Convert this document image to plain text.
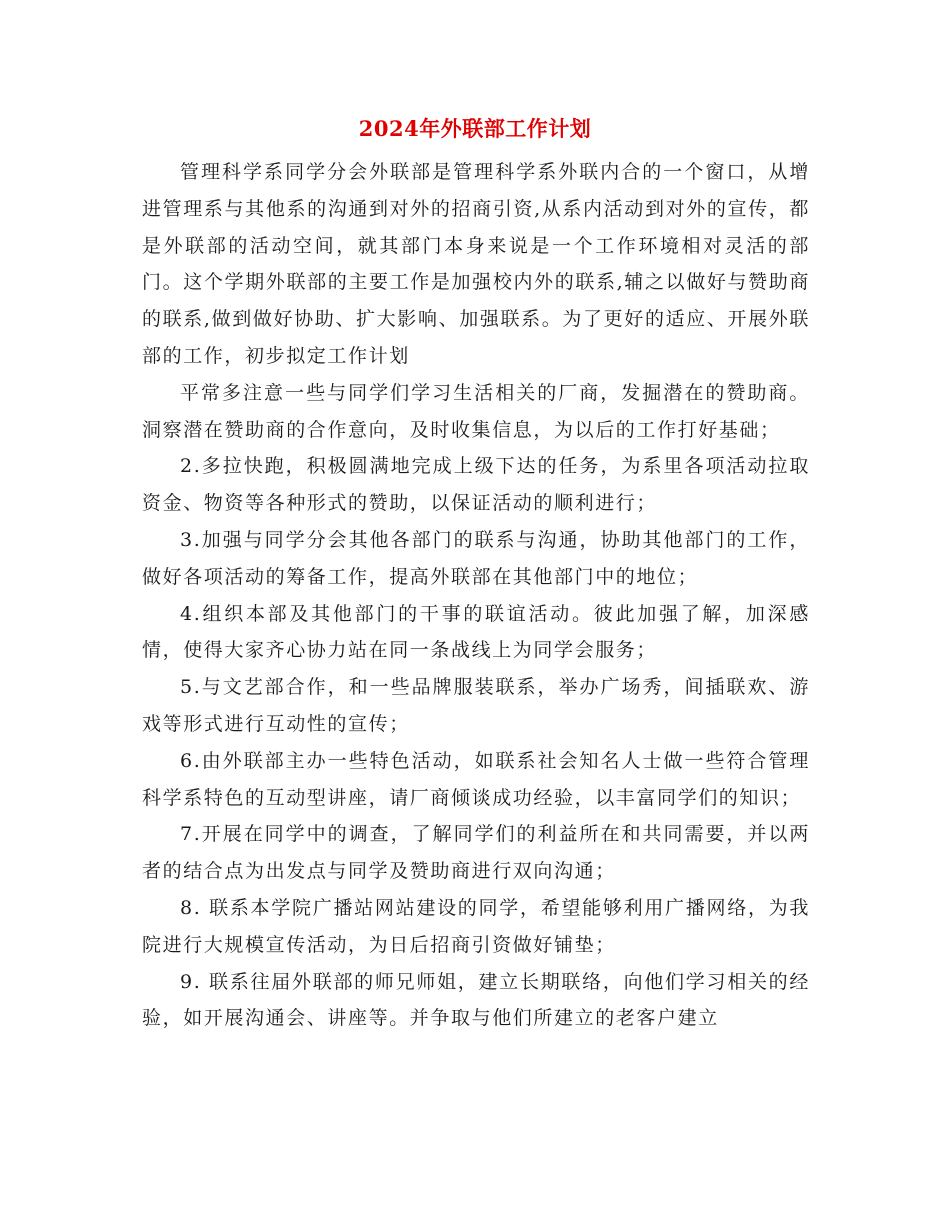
2024年外联部工作计划

管理科学系同学分会外联部是管理科学系外联内合的一个窗口，从增进管理系与其他系的沟通到对外的招商引资,从系内活动到对外的宣传，都是外联部的活动空间，就其部门本身来说是一个工作环境相对灵活的部门。这个学期外联部的主要工作是加强校内外的联系,辅之以做好与赞助商的联系,做到做好协助、扩大影响、加强联系。为了更好的适应、开展外联部的工作，初步拟定工作计划

平常多注意一些与同学们学习生活相关的厂商，发掘潜在的赞助商。洞察潜在赞助商的合作意向，及时收集信息，为以后的工作打好基础；

2.多拉快跑，积极圆满地完成上级下达的任务，为系里各项活动拉取资金、物资等各种形式的赞助，以保证活动的顺利进行；

3.加强与同学分会其他各部门的联系与沟通，协助其他部门的工作，做好各项活动的筹备工作，提高外联部在其他部门中的地位；

4.组织本部及其他部门的干事的联谊活动。彼此加强了解，加深感情，使得大家齐心协力站在同一条战线上为同学会服务；

5.与文艺部合作，和一些品牌服装联系，举办广场秀，间插联欢、游戏等形式进行互动性的宣传；

6.由外联部主办一些特色活动，如联系社会知名人士做一些符合管理科学系特色的互动型讲座，请厂商倾谈成功经验，以丰富同学们的知识；

7.开展在同学中的调查，了解同学们的利益所在和共同需要，并以两者的结合点为出发点与同学及赞助商进行双向沟通；

8. 联系本学院广播站网站建设的同学，希望能够利用广播网络，为我院进行大规模宣传活动，为日后招商引资做好铺垫；

9. 联系往届外联部的师兄师姐，建立长期联络，向他们学习相关的经验，如开展沟通会、讲座等。并争取与他们所建立的老客户建立
